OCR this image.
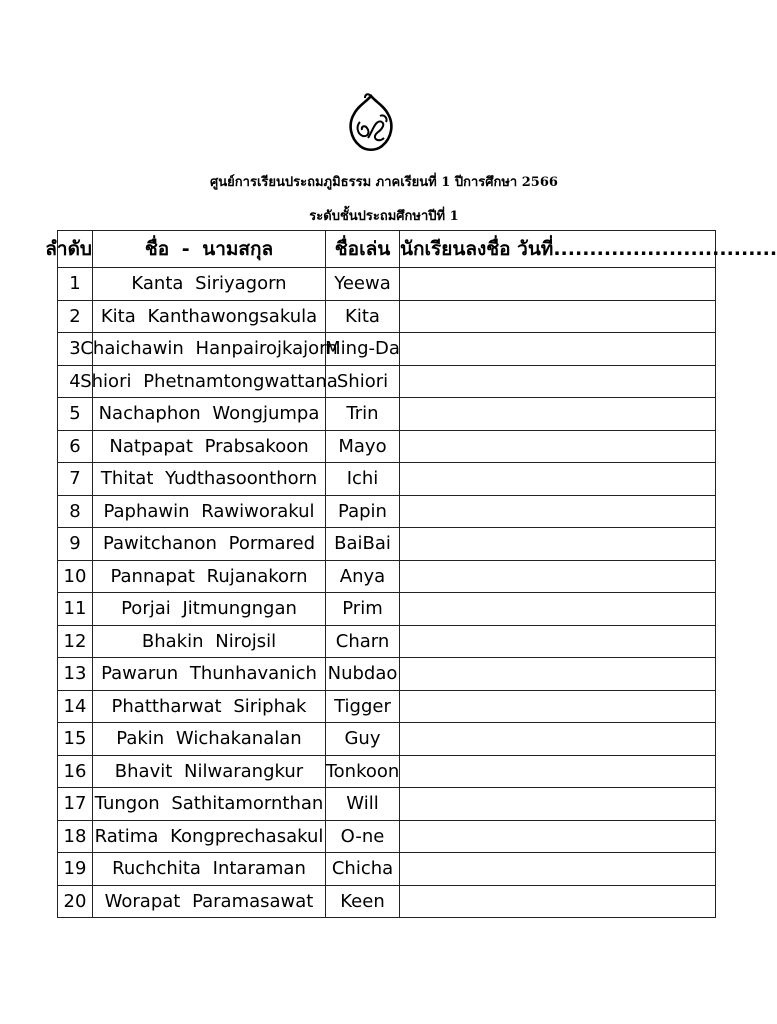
ศูนย์การเรียนประถมภูมิธรรม ภาคเรียนที่ 1 ปีการศึกษา 2566
ระดับชั้นประถมศึกษาปีที่ 1
ลำดับ	ชื่อ - นามสกุล	ชื่อเล่น	นักเรียนลงชื่อ วันที่...............................
1	Kanta Siriyagorn	Yeewa	

2	Kita Kanthawongsakula	Kita	

3	Chaichawin Hanpairojkajorn	Ming-Da	

4	Shiori Phetnamtongwattana	Shiori	

5	Nachaphon Wongjumpa	Trin	

6	Natpapat Prabsakoon	Mayo	

7	Thitat Yudthasoonthorn	Ichi	

8	Paphawin Rawiworakul	Papin	

9	Pawitchanon Pormared	BaiBai	

10	Pannapat Rujanakorn	Anya	

11	Porjai Jitmungngan	Prim	

12	Bhakin Nirojsil	Charn	

13	Pawarun Thunhavanich	Nubdao	

14	Phattharwat Siriphak	Tigger	

15	Pakin Wichakanalan	Guy	

16	Bhavit Nilwarangkur	Tonkoon	

17	Tungon Sathitamornthan	Will	

18	Ratima Kongprechasakul	O-ne	

19	Ruchchita Intaraman	Chicha	

20	Worapat Paramasawat	Keen	
